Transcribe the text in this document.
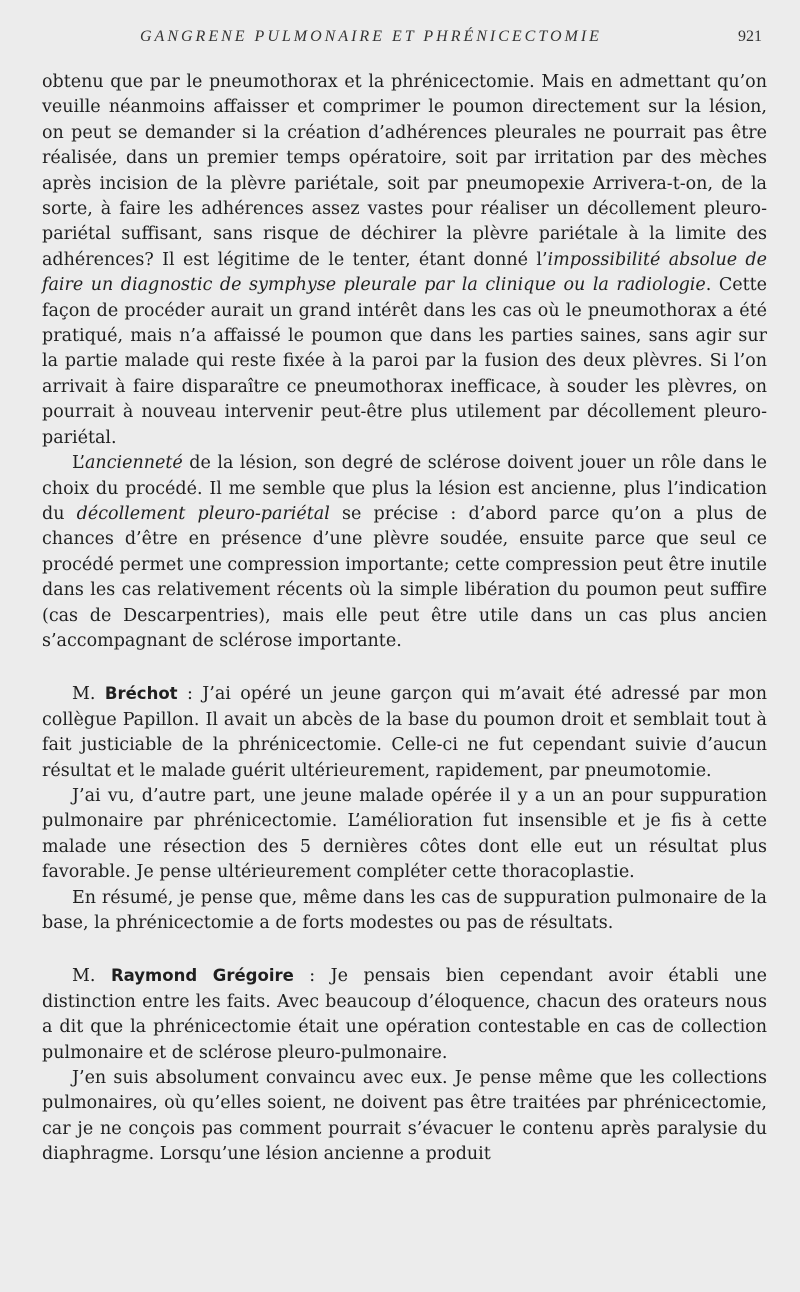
GANGRENE PULMONAIRE ET PHRÉNICECTOMIE	921

obtenu que par le pneumothorax et la phrénicectomie. Mais en admettant qu’on veuille néanmoins affaisser et comprimer le poumon directement sur la lésion, on peut se demander si la création d’adhérences pleurales ne pourrait pas être réalisée, dans un premier temps opératoire, soit par irritation par des mèches après incision de la plèvre pariétale, soit par pneumopexie Arrivera-t-on, de la sorte, à faire les adhérences assez vastes pour réaliser un décollement pleuro-pariétal suffisant, sans risque de déchirer la plèvre pariétale à la limite des adhérences? Il est légitime de le tenter, étant donné l’impossibilité absolue de faire un diagnostic de symphyse pleurale par la clinique ou la radiologie. Cette façon de procéder aurait un grand intérêt dans les cas où le pneumothorax a été pratiqué, mais n’a affaissé le poumon que dans les parties saines, sans agir sur la partie malade qui reste fixée à la paroi par la fusion des deux plèvres. Si l’on arrivait à faire disparaître ce pneumothorax inefficace, à souder les plèvres, on pourrait à nouveau intervenir peut-être plus utilement par décollement pleuro-pariétal.

L’ancienneté de la lésion, son degré de sclérose doivent jouer un rôle dans le choix du procédé. Il me semble que plus la lésion est ancienne, plus l’indication du décollement pleuro-pariétal se précise : d’abord parce qu’on a plus de chances d’être en présence d’une plèvre soudée, ensuite parce que seul ce procédé permet une compression importante; cette compression peut être inutile dans les cas relativement récents où la simple libération du poumon peut suffire (cas de Descarpentries), mais elle peut être utile dans un cas plus ancien s’accompagnant de sclérose importante.

M. Bréchot : J’ai opéré un jeune garçon qui m’avait été adressé par mon collègue Papillon. Il avait un abcès de la base du poumon droit et semblait tout à fait justiciable de la phrénicectomie. Celle-ci ne fut cependant suivie d’aucun résultat et le malade guérit ultérieurement, rapidement, par pneumotomie.

J’ai vu, d’autre part, une jeune malade opérée il y a un an pour suppuration pulmonaire par phrénicectomie. L’amélioration fut insensible et je fis à cette malade une résection des 5 dernières côtes dont elle eut un résultat plus favorable. Je pense ultérieurement compléter cette thoracoplastie.

En résumé, je pense que, même dans les cas de suppuration pulmonaire de la base, la phrénicectomie a de forts modestes ou pas de résultats.

M. Raymond Grégoire : Je pensais bien cependant avoir établi une distinction entre les faits. Avec beaucoup d’éloquence, chacun des orateurs nous a dit que la phrénicectomie était une opération contestable en cas de collection pulmonaire et de sclérose pleuro-pulmonaire.

J’en suis absolument convaincu avec eux. Je pense même que les collections pulmonaires, où qu’elles soient, ne doivent pas être traitées par phrénicectomie, car je ne conçois pas comment pourrait s’évacuer le contenu après paralysie du diaphragme. Lorsqu’une lésion ancienne a produit
